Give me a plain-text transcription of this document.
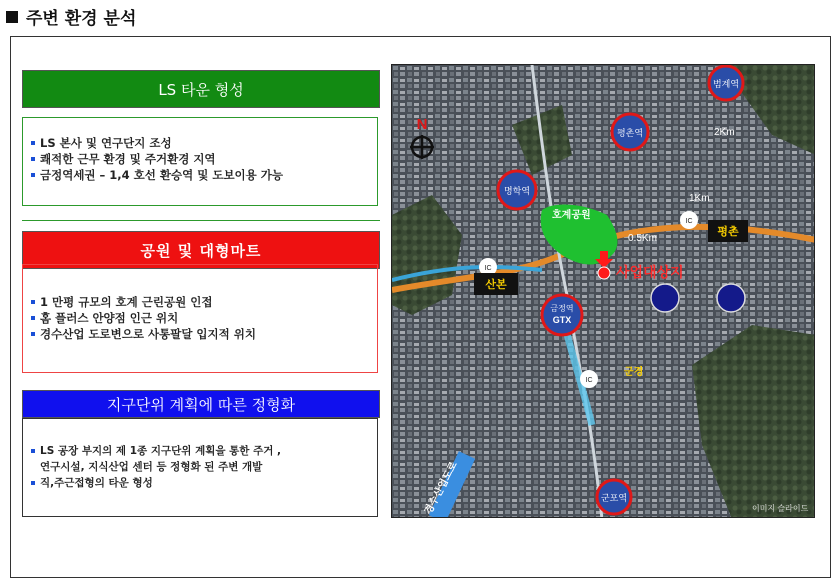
주변 환경 분석
LS 타운 형성
LS 본사 및 연구단지 조성
쾌적한 근무 환경 및 주거환경 지역
금정역세권 – 1,4 호선 환승역 및 도보이용 가능
공원 및 대형마트
1 만평 규모의 호계 근린공원 인접
홈 플러스 안양점 인근 위치
경수산업 도로변으로 사통팔달 입지적 위치
지구단위 계획에 따른 정형화
LS 공장 부지의 제 1종 지구단위 계획을 통한 주거 ,
연구시설, 지식산업 센터 등 정형화 된 주변 개발
직,주근접형의 타운 형성	경수산업도로
호계공원
2Km
1Km
0.5Km
범계역
평촌역
명학역
금정역
GTX
군포역
IC
IC
IC
산본
평촌
군경
사업대상지
N
이미지 슬라이드
